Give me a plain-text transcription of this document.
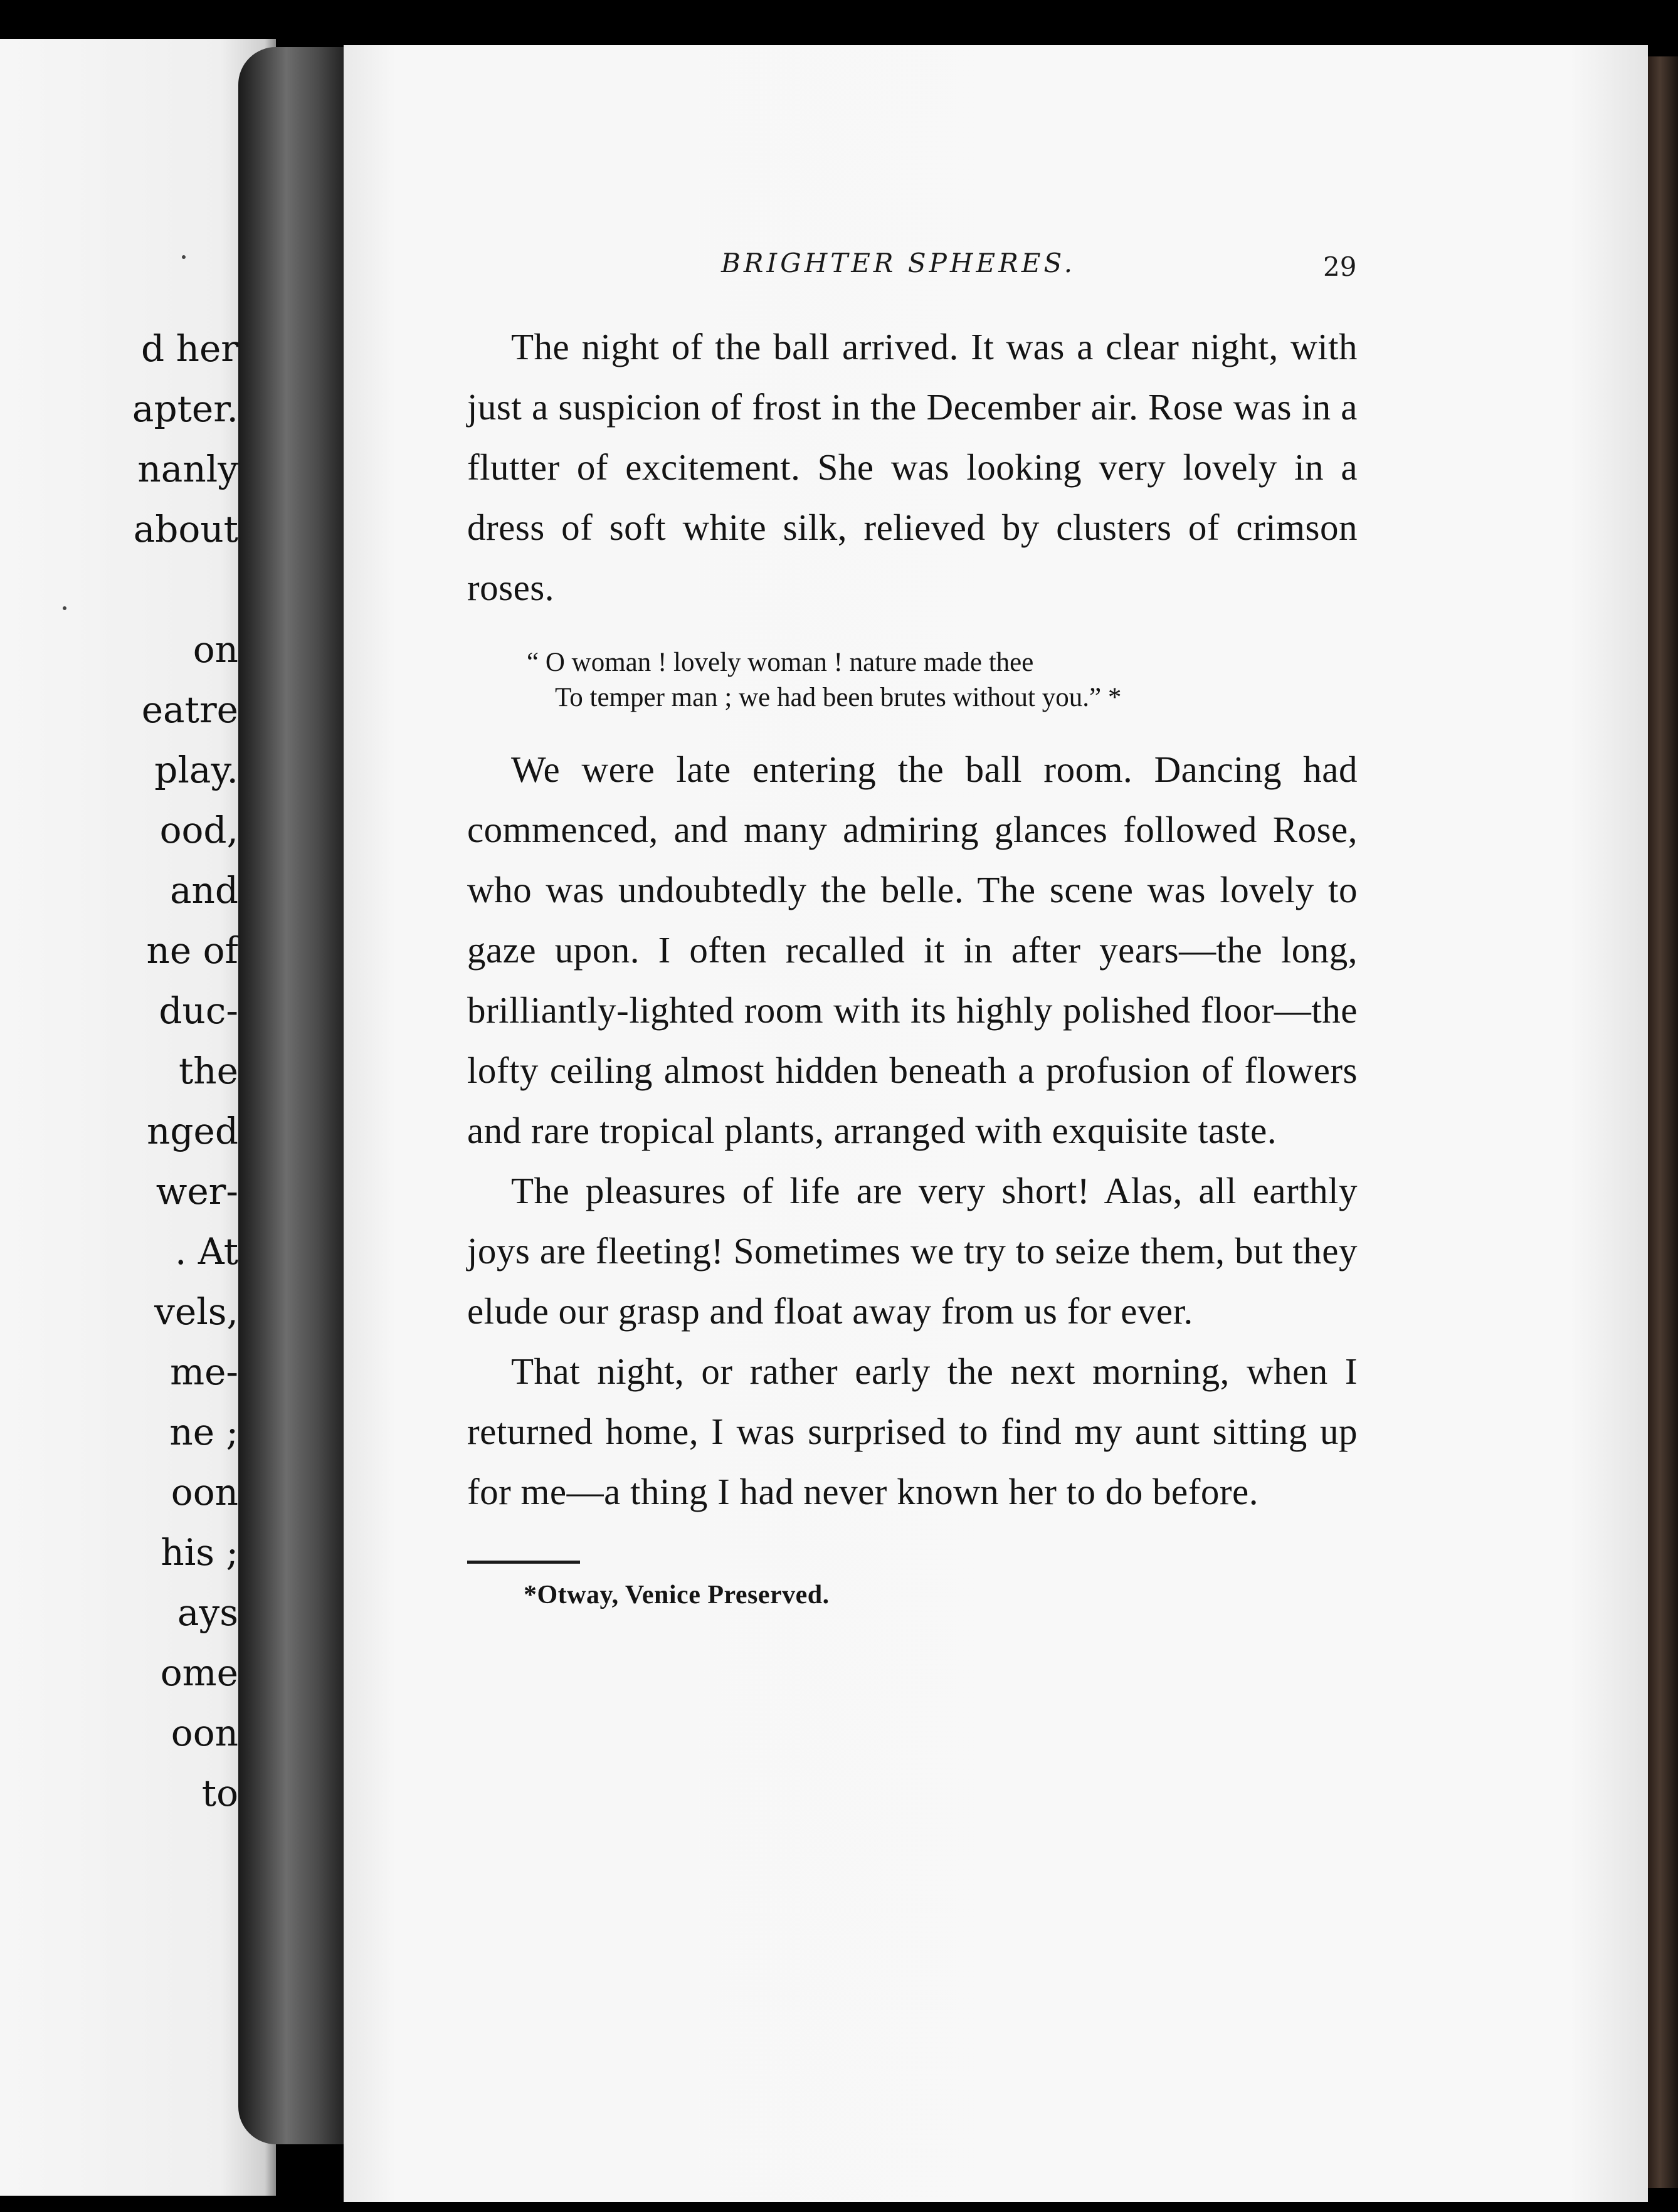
d her
apter.
nanly
about
on
eatre
play.
ood,
and
ne of
duc-
the
nged
wer-
. At
vels,
me-
ne ;
oon
his ;
ays
ome
oon
to
BRIGHTER SPHERES.	29

The night of the ball arrived. It was a clear night, with just a suspicion of frost in the December air. Rose was in a flutter of excitement. She was looking very lovely in a dress of soft white silk, relieved by clusters of crimson roses.

“ O woman ! lovely woman ! nature made thee
To temper man ; we had been brutes without you.” *

We were late entering the ball room. Dancing had commenced, and many admiring glances followed Rose, who was undoubtedly the belle. The scene was lovely to gaze upon. I often recalled it in after years—the long, brilliantly-lighted room with its highly polished floor—the lofty ceiling almost hidden beneath a profusion of flowers and rare tropical plants, arranged with exquisite taste.

The pleasures of life are very short! Alas, all earthly joys are fleeting! Sometimes we try to seize them, but they elude our grasp and float away from us for ever.

That night, or rather early the next morning, when I returned home, I was surprised to find my aunt sitting up for me—a thing I had never known her to do before.

*Otway, Venice Preserved.
